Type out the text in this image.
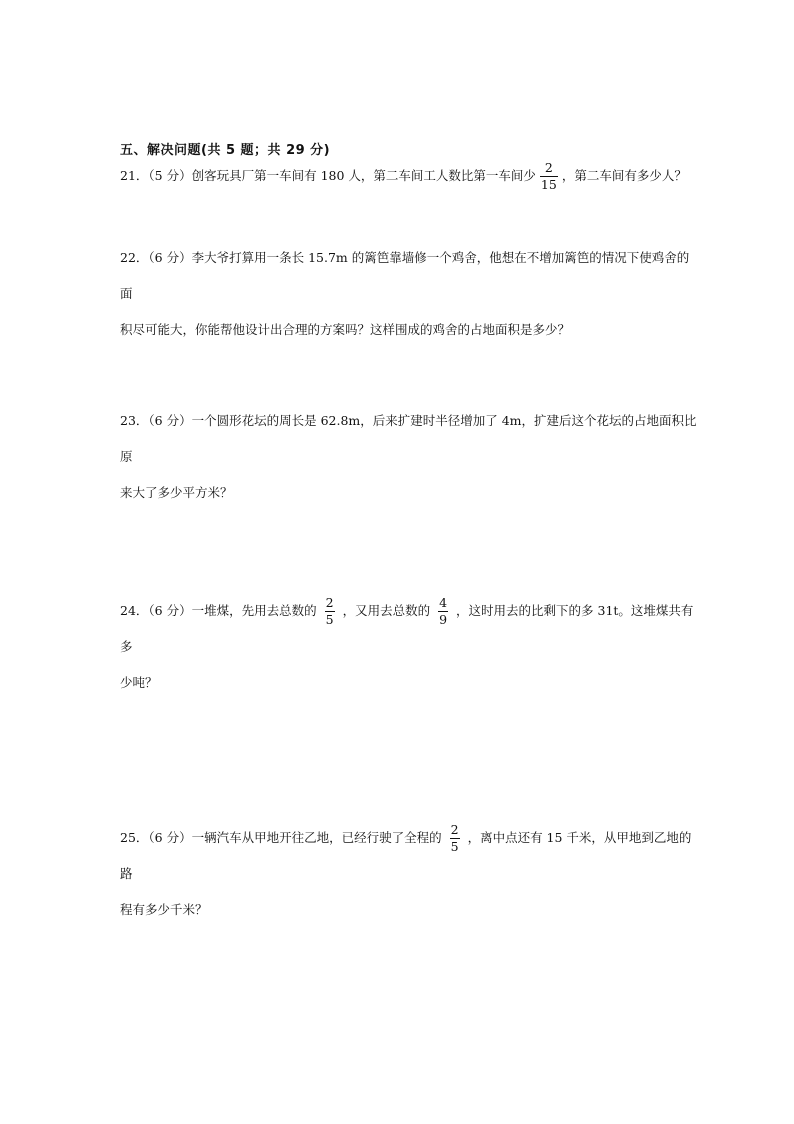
五、解决问题(共 5 题；共 29 分)
21．（5 分）创客玩具厂第一车间有 180 人，第二车间工人数比第一车间少 $\frac{2}{15}$ ，第二车间有多少人？
22．（6 分）李大爷打算用一条长 15.7m 的篱笆靠墙修一个鸡舍，他想在不增加篱笆的情况下使鸡舍的面
积尽可能大，你能帮他设计出合理的方案吗？这样围成的鸡舍的占地面积是多少？
23．（6 分）一个圆形花坛的周长是 62.8m，后来扩建时半径增加了 4m，扩建后这个花坛的占地面积比原
来大了多少平方米？
24．（6 分）一堆煤，先用去总数的 $\frac{2}{5}$ ，又用去总数的 $\frac{4}{9}$ ，这时用去的比剩下的多 31t。这堆煤共有多
少吨？
25．（6 分）一辆汽车从甲地开往乙地，已经行驶了全程的 $\frac{2}{5}$ ，离中点还有 15 千米，从甲地到乙地的路
程有多少千米？
